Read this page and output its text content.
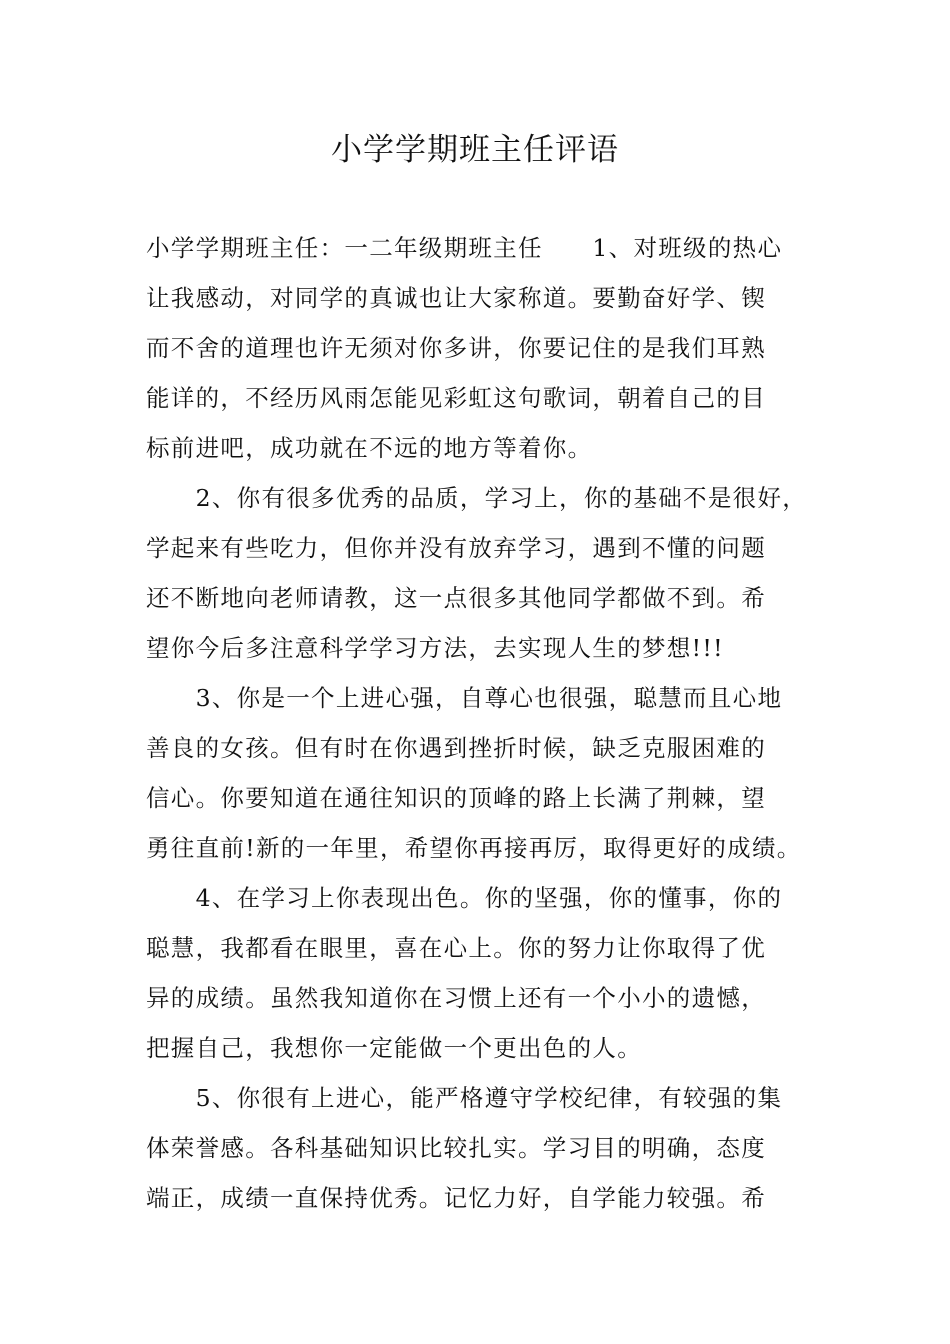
小学学期班主任评语
小学学期班主任：一二年级期班主任　　1、对班级的热心
让我感动，对同学的真诚也让大家称道。要勤奋好学、锲
而不舍的道理也许无须对你多讲，你要记住的是我们耳熟
能详的，不经历风雨怎能见彩虹这句歌词，朝着自己的目
标前进吧，成功就在不远的地方等着你。
　　2、你有很多优秀的品质，学习上，你的基础不是很好，
学起来有些吃力，但你并没有放弃学习，遇到不懂的问题
还不断地向老师请教，这一点很多其他同学都做不到。希
望你今后多注意科学学习方法，去实现人生的梦想!!!
　　3、你是一个上进心强，自尊心也很强，聪慧而且心地
善良的女孩。但有时在你遇到挫折时候，缺乏克服困难的
信心。你要知道在通往知识的顶峰的路上长满了荆棘，望
勇往直前!新的一年里，希望你再接再厉，取得更好的成绩。
　　4、在学习上你表现出色。你的坚强，你的懂事，你的
聪慧，我都看在眼里，喜在心上。你的努力让你取得了优
异的成绩。虽然我知道你在习惯上还有一个小小的遗憾，
把握自己，我想你一定能做一个更出色的人。
　　5、你很有上进心，能严格遵守学校纪律，有较强的集
体荣誉感。各科基础知识比较扎实。学习目的明确，态度
端正，成绩一直保持优秀。记忆力好，自学能力较强。希
